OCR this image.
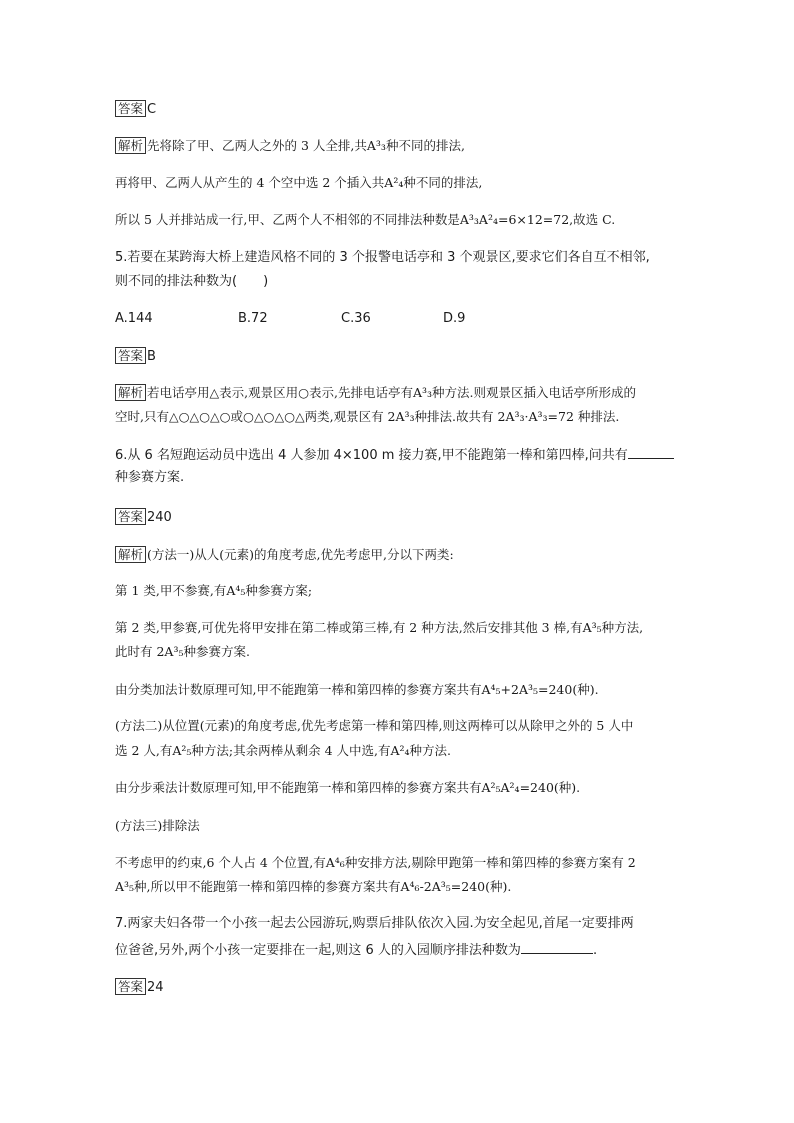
答案 C
解析 先将除了甲、乙两人之外的 3 人全排,共A³₃种不同的排法,
再将甲、乙两人从产生的 4 个空中选 2 个插入共A²₄种不同的排法,
所以 5 人并排站成一行,甲、乙两个人不相邻的不同排法种数是A³₃A²₄=6×12=72,故选 C.
5.若要在某跨海大桥上建造风格不同的 3 个报警电话亭和 3 个观景区,要求它们各自互不相邻,
则不同的排法种数为(　　)
A.144	B.72	C.36	D.9
答案 B
解析 若电话亭用△表示,观景区用○表示,先排电话亭有A³₃种方法.则观景区插入电话亭所形成的
空时,只有△○△○△○或○△○△○△两类,观景区有 2A³₃种排法.故共有 2A³₃·A³₃=72 种排法.
6.从 6 名短跑运动员中选出 4 人参加 4×100 m 接力赛,甲不能跑第一棒和第四棒,问共有
种参赛方案.
答案 240
解析 (方法一)从人(元素)的角度考虑,优先考虑甲,分以下两类:
第 1 类,甲不参赛,有A⁴₅种参赛方案;
第 2 类,甲参赛,可优先将甲安排在第二棒或第三棒,有 2 种方法,然后安排其他 3 棒,有A³₅种方法,
此时有 2A³₅种参赛方案.
由分类加法计数原理可知,甲不能跑第一棒和第四棒的参赛方案共有A⁴₅+2A³₅=240(种).
(方法二)从位置(元素)的角度考虑,优先考虑第一棒和第四棒,则这两棒可以从除甲之外的 5 人中
选 2 人,有A²₅种方法;其余两棒从剩余 4 人中选,有A²₄种方法.
由分步乘法计数原理可知,甲不能跑第一棒和第四棒的参赛方案共有A²₅A²₄=240(种).
(方法三)排除法
不考虑甲的约束,6 个人占 4 个位置,有A⁴₆种安排方法,剔除甲跑第一棒和第四棒的参赛方案有 2
A³₅种,所以甲不能跑第一棒和第四棒的参赛方案共有A⁴₆-2A³₅=240(种).
7.两家夫妇各带一个小孩一起去公园游玩,购票后排队依次入园.为安全起见,首尾一定要排两
位爸爸,另外,两个小孩一定要排在一起,则这 6 人的入园顺序排法种数为	.
答案 24
